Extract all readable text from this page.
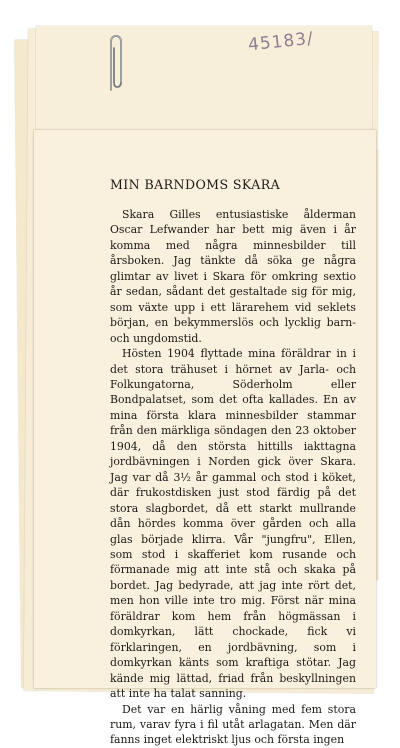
45183/
MIN BARNDOMS SKARA

Skara Gilles entusiastiske ålderman Oscar Lefwander har bett mig även i år komma med några minnesbilder till årsboken. Jag tänkte då söka ge några glimtar av livet i Skara för omkring sextio år sedan, sådant det gestaltade sig för mig, som växte upp i ett lärarehem vid seklets början, en bekymmerslös och lycklig barn- och ungdomstid.

Hösten 1904 flyttade mina föräldrar in i det stora trähuset i hörnet av Jarla- och Folkungatorna, Söderholm eller Bondpalatset, som det ofta kallades. En av mina första klara minnesbilder stammar från den märkliga söndagen den 23 oktober 1904, då den största hittills iakttagna jordbävningen i Norden gick över Skara. Jag var då 3½ år gammal och stod i köket, där frukostdisken just stod färdig på det stora slagbordet, då ett starkt mullrande dån hördes komma över gården och alla glas började klirra. Vår "jungfru", Ellen, som stod i skafferiet kom rusande och förmanade mig att inte stå och skaka på bordet. Jag bedyrade, att jag inte rört det, men hon ville inte tro mig. Först när mina föräldrar kom hem från högmässan i domkyrkan, lätt chockade, fick vi förklaringen, en jordbävning, som i domkyrkan känts som kraftiga stötar. Jag kände mig lättad, friad från beskyllningen att inte ha talat sanning.

Det var en härlig våning med fem stora rum, varav fyra i fil utåt arlagatan. Men där fanns inget elektriskt ljus och första ingen
